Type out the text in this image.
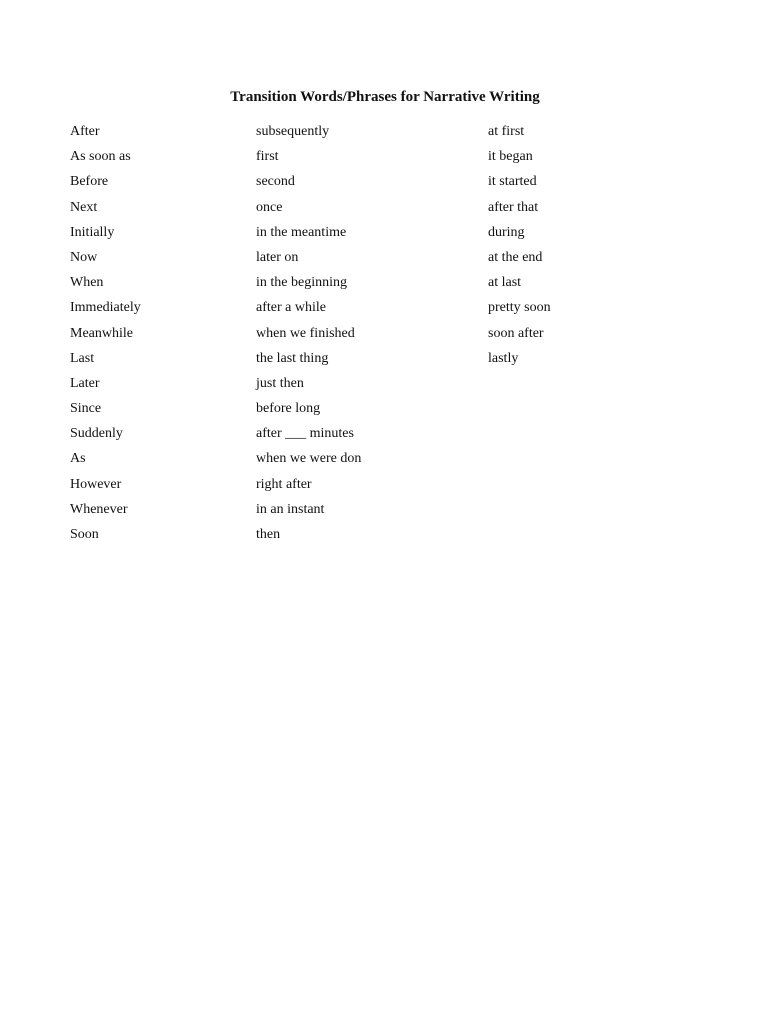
Transition Words/Phrases for Narrative Writing
After
As soon as
Before
Next
Initially
Now
When
Immediately
Meanwhile
Last
Later
Since
Suddenly
As
However
Whenever
Soon
subsequently
first
second
once
in the meantime
later on
in the beginning
after a while
when we finished
the last thing
just then
before long
after ___ minutes
when we were don
right after
in an instant
then
at first
it began
it started
after that
during
at the end
at last
pretty soon
soon after
lastly
